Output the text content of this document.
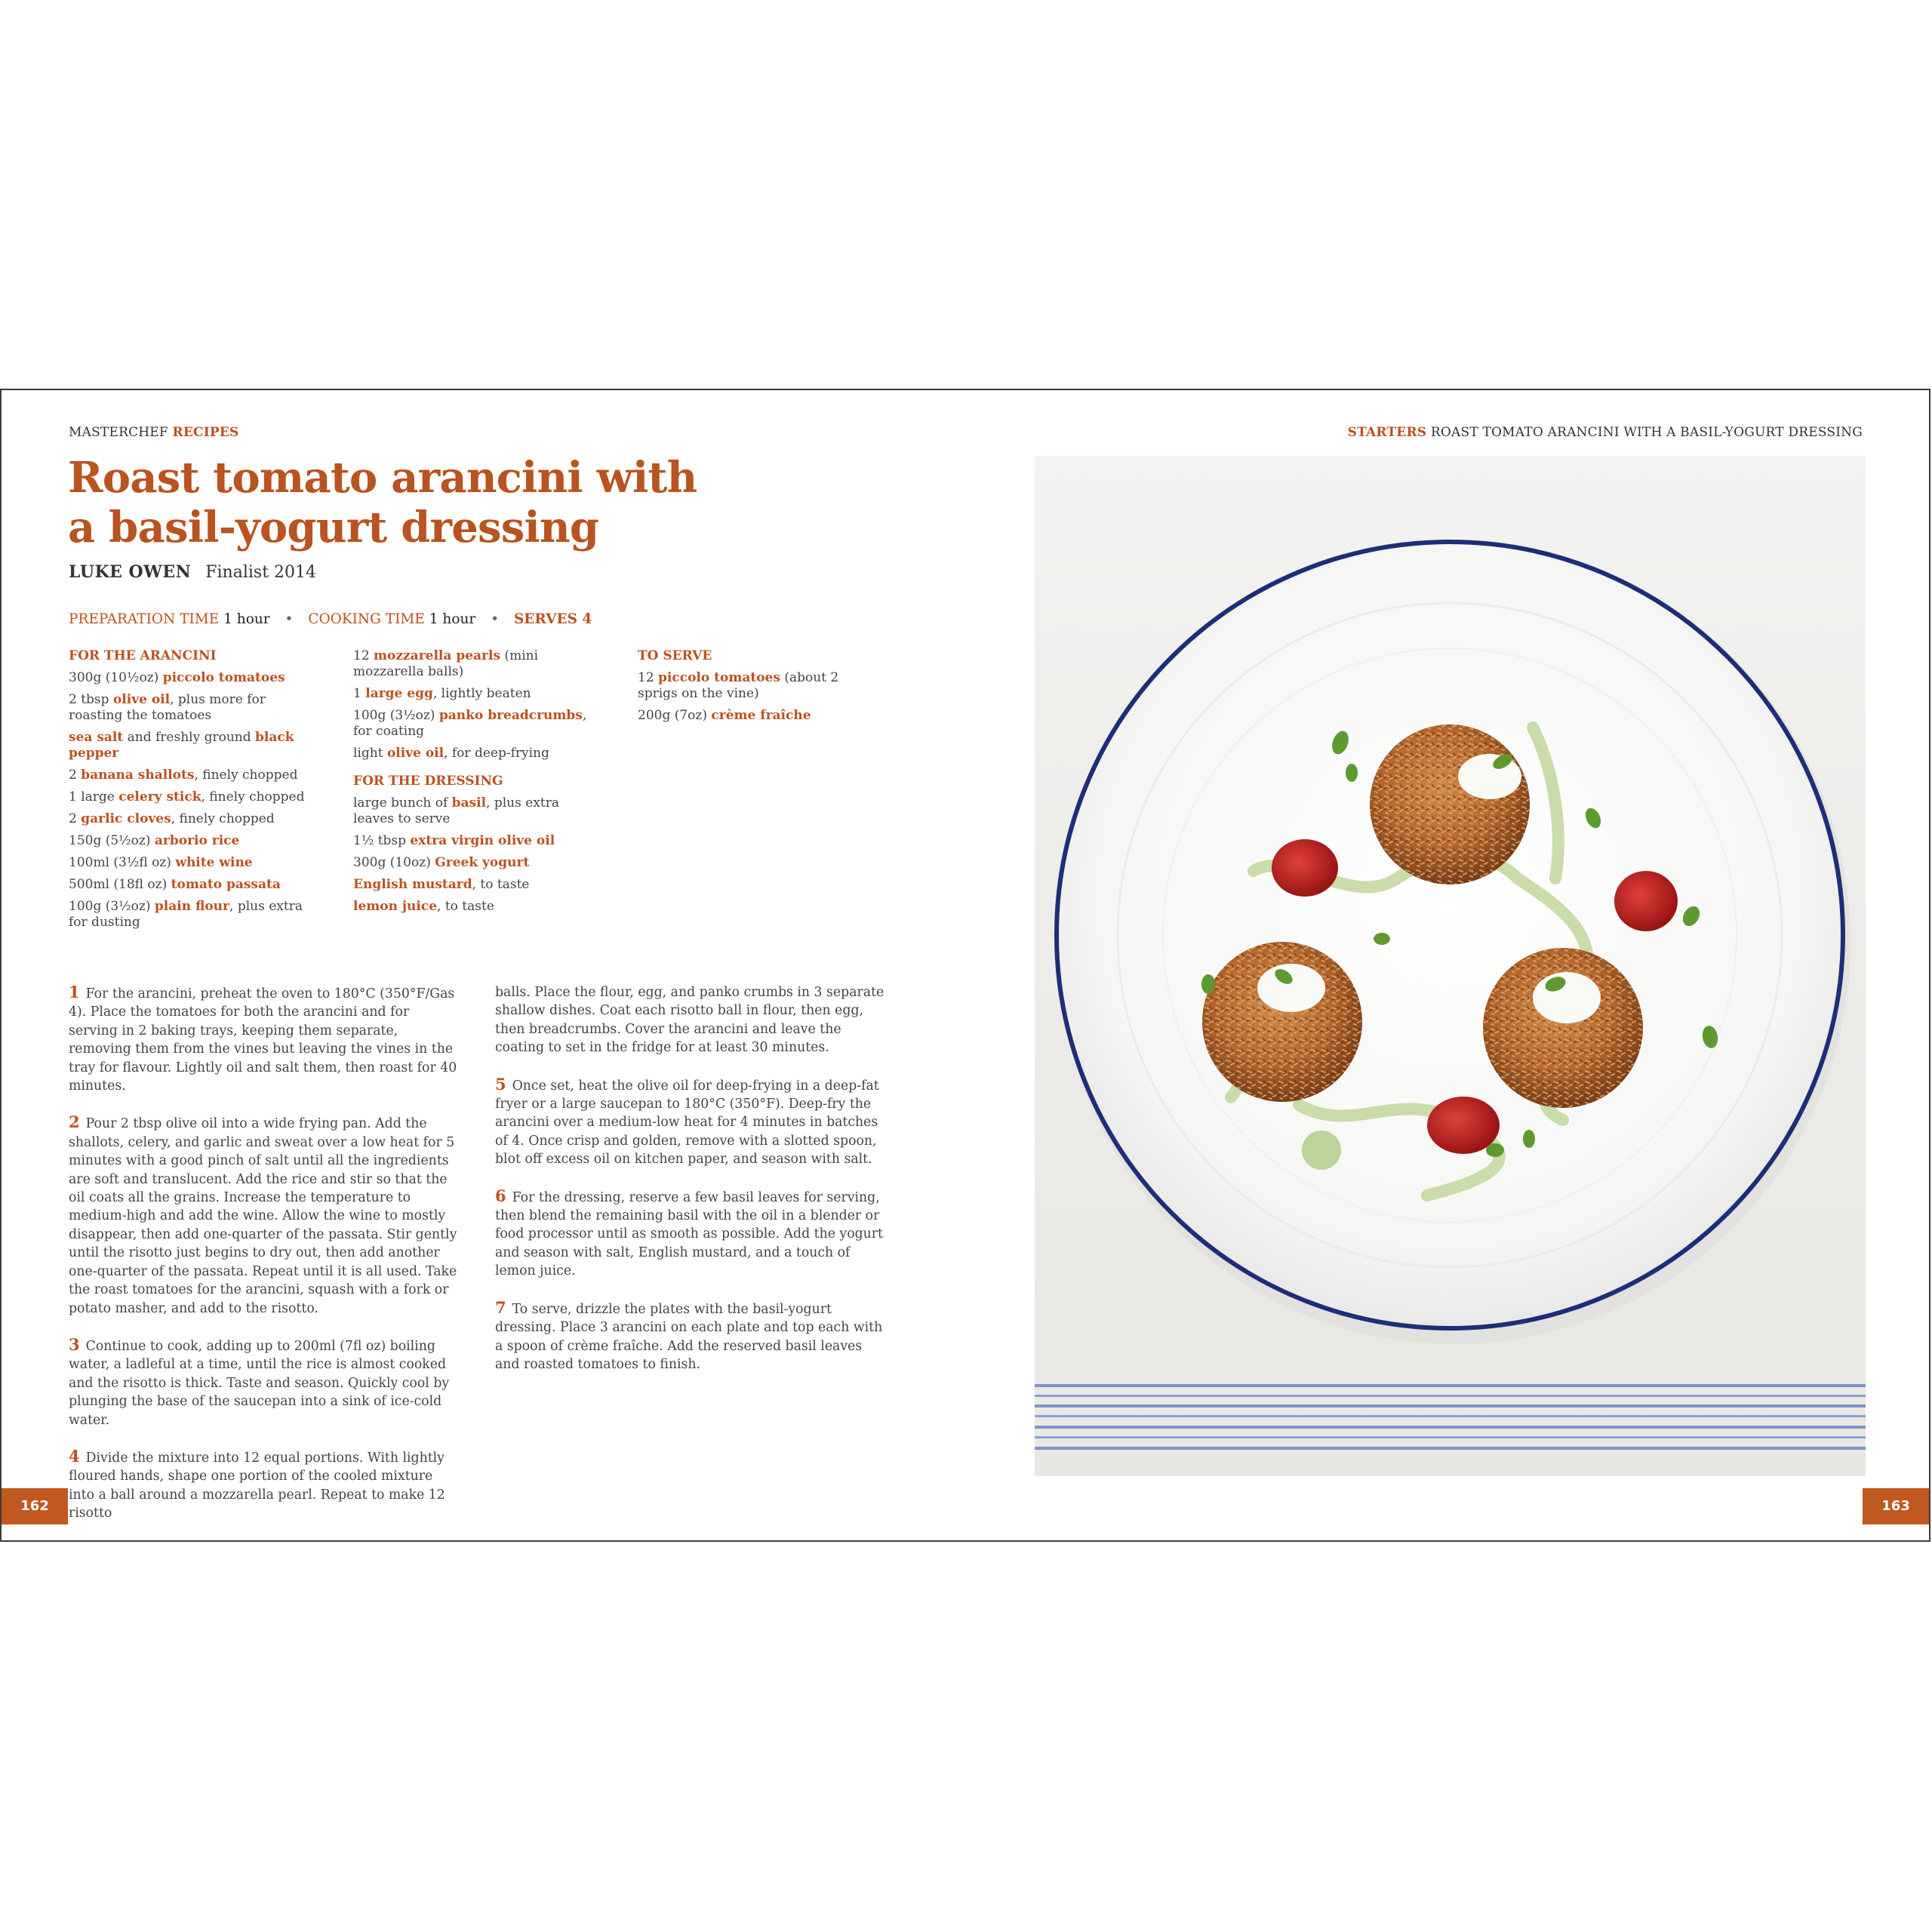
MASTERCHEF RECIPES	STARTERS ROAST TOMATO ARANCINI WITH A BASIL-YOGURT DRESSING
Roast tomato arancini with
a basil-yogurt dressing
LUKE OWEN Finalist 2014
PREPARATION TIME 1 hour • COOKING TIME 1 hour • SERVES 4
FOR THE ARANCINI
300g (10½oz) piccolo tomatoes
2 tbsp olive oil, plus more for roasting the tomatoes
sea salt and freshly ground black pepper
2 banana shallots, finely chopped
1 large celery stick, finely chopped
2 garlic cloves, finely chopped
150g (5½oz) arborio rice
100ml (3½fl oz) white wine
500ml (18fl oz) tomato passata
100g (3½oz) plain flour, plus extra for dusting
12 mozzarella pearls (mini mozzarella balls)
1 large egg, lightly beaten
100g (3½oz) panko breadcrumbs, for coating
light olive oil, for deep-frying
FOR THE DRESSING
large bunch of basil, plus extra leaves to serve
1½ tbsp extra virgin olive oil
300g (10oz) Greek yogurt
English mustard, to taste
lemon juice, to taste
TO SERVE
12 piccolo tomatoes (about 2 sprigs on the vine)
200g (7oz) crème fraîche

1 For the arancini, preheat the oven to 180°C (350°F/Gas 4). Place the tomatoes for both the arancini and for serving in 2 baking trays, keeping them separate, removing them from the vines but leaving the vines in the tray for flavour. Lightly oil and salt them, then roast for 40 minutes.

2 Pour 2 tbsp olive oil into a wide frying pan. Add the shallots, celery, and garlic and sweat over a low heat for 5 minutes with a good pinch of salt until all the ingredients are soft and translucent. Add the rice and stir so that the oil coats all the grains. Increase the temperature to medium-high and add the wine. Allow the wine to mostly disappear, then add one-quarter of the passata. Stir gently until the risotto just begins to dry out, then add another one-quarter of the passata. Repeat until it is all used. Take the roast tomatoes for the arancini, squash with a fork or potato masher, and add to the risotto.

3 Continue to cook, adding up to 200ml (7fl oz) boiling water, a ladleful at a time, until the rice is almost cooked and the risotto is thick. Taste and season. Quickly cool by plunging the base of the saucepan into a sink of ice-cold water.

4 Divide the mixture into 12 equal portions. With lightly floured hands, shape one portion of the cooled mixture into a ball around a mozzarella pearl. Repeat to make 12 risotto

balls. Place the flour, egg, and panko crumbs in 3 separate shallow dishes. Coat each risotto ball in flour, then egg, then breadcrumbs. Cover the arancini and leave the coating to set in the fridge for at least 30 minutes.

5 Once set, heat the olive oil for deep-frying in a deep-fat fryer or a large saucepan to 180°C (350°F). Deep-fry the arancini over a medium-low heat for 4 minutes in batches of 4. Once crisp and golden, remove with a slotted spoon, blot off excess oil on kitchen paper, and season with salt.

6 For the dressing, reserve a few basil leaves for serving, then blend the remaining basil with the oil in a blender or food processor until as smooth as possible. Add the yogurt and season with salt, English mustard, and a touch of lemon juice.

7 To serve, drizzle the plates with the basil-yogurt dressing. Place 3 arancini on each plate and top each with a spoon of crème fraîche. Add the reserved basil leaves and roasted tomatoes to finish.

162	163
